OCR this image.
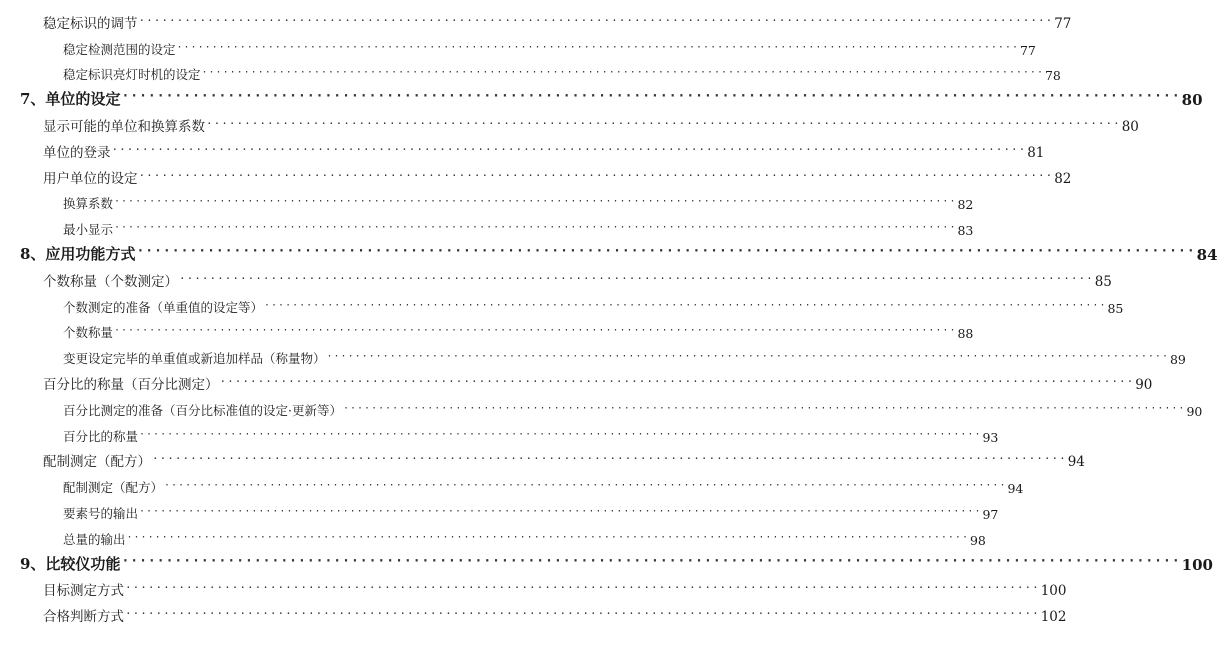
稳定标识的调节 ························································································································ 77
稳定检测范围的设定 ························································································································ 77
稳定标识亮灯时机的设定 ························································································································ 78
7、单位的设定 ························································································································ 80
显示可能的单位和换算系数 ························································································································ 80
单位的登录 ························································································································ 81
用户单位的设定 ························································································································ 82
换算系数 ························································································································ 82
最小显示 ························································································································ 83
8、应用功能方式 ························································································································ 84
个数称量（个数测定） ························································································································ 85
个数测定的准备（单重值的设定等） ························································································································ 85
个数称量 ························································································································ 88
变更设定完毕的单重值或新追加样品（称量物） ························································································································ 89
百分比的称量（百分比测定） ························································································································ 90
百分比测定的准备（百分比标准值的设定·更新等） ························································································································ 90
百分比的称量 ························································································································ 93
配制测定（配方） ························································································································ 94
配制测定（配方） ························································································································ 94
要素号的输出 ························································································································ 97
总量的输出 ························································································································ 98
9、比较仪功能 ························································································································ 100
目标测定方式 ························································································································ 100
合格判断方式 ························································································································ 102
